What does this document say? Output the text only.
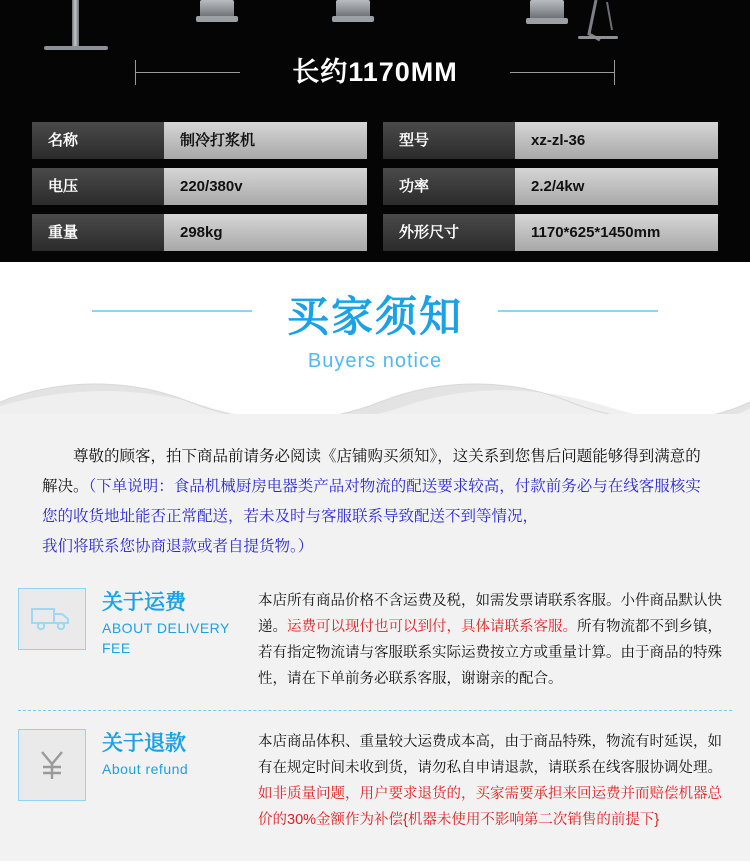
长约1170MM
名称	制冷打浆机	型号	xz-zl-36
电压	220/380v	功率	2.2/4kw
重量	298kg	外形尺寸	1170*625*1450mm
买家须知
Buyers notice
尊敬的顾客，拍下商品前请务必阅读《店铺购买须知》，这关系到您售后问题能够得到满意的解决。（下单说明：食品机械厨房电器类产品对物流的配送要求较高，付款前务必与在线客服核实您的收货地址能否正常配送，若未及时与客服联系导致配送不到等情况，
我们将联系您协商退款或者自提货物。）
关于运费
ABOUT DELIVERY FEE
本店所有商品价格不含运费及税，如需发票请联系客服。小件商品默认快递。运费可以现付也可以到付，具体请联系客服。所有物流都不到乡镇，若有指定物流请与客服联系实际运费按立方或重量计算。由于商品的特殊性，请在下单前务必联系客服，谢谢亲的配合。
关于退款
About refund
本店商品体积、重量较大运费成本高，由于商品特殊，物流有时延误，如有在规定时间未收到货，请勿私自申请退款，请联系在线客服协调处理。如非质量问题，用户要求退货的，买家需要承担来回运费并而赔偿机器总价的30%金额作为补偿{机器未使用不影响第二次销售的前提下}
